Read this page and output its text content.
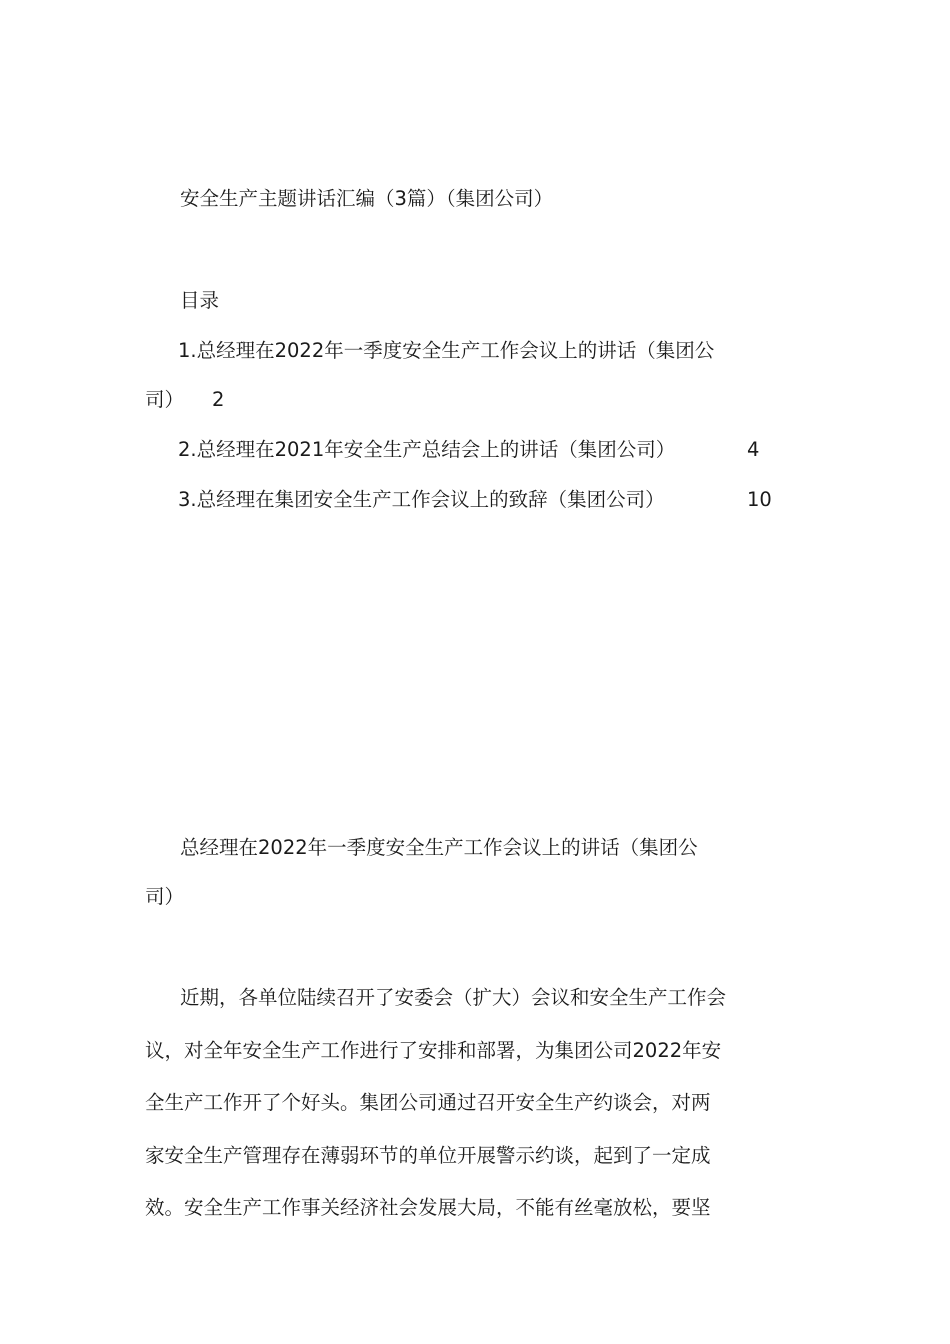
安全生产主题讲话汇编（3篇）（集团公司）
目录
1.总经理在2022年一季度安全生产工作会议上的讲话（集团公
司） 2
2.总经理在2021年安全生产总结会上的讲话（集团公司）	4
3.总经理在集团安全生产工作会议上的致辞（集团公司）	10
总经理在2022年一季度安全生产工作会议上的讲话（集团公
司）
近期，各单位陆续召开了安委会（扩大）会议和安全生产工作会
议，对全年安全生产工作进行了安排和部署，为集团公司2022年安
全生产工作开了个好头。集团公司通过召开安全生产约谈会，对两
家安全生产管理存在薄弱环节的单位开展警示约谈，起到了一定成
效。安全生产工作事关经济社会发展大局，不能有丝毫放松，要坚
